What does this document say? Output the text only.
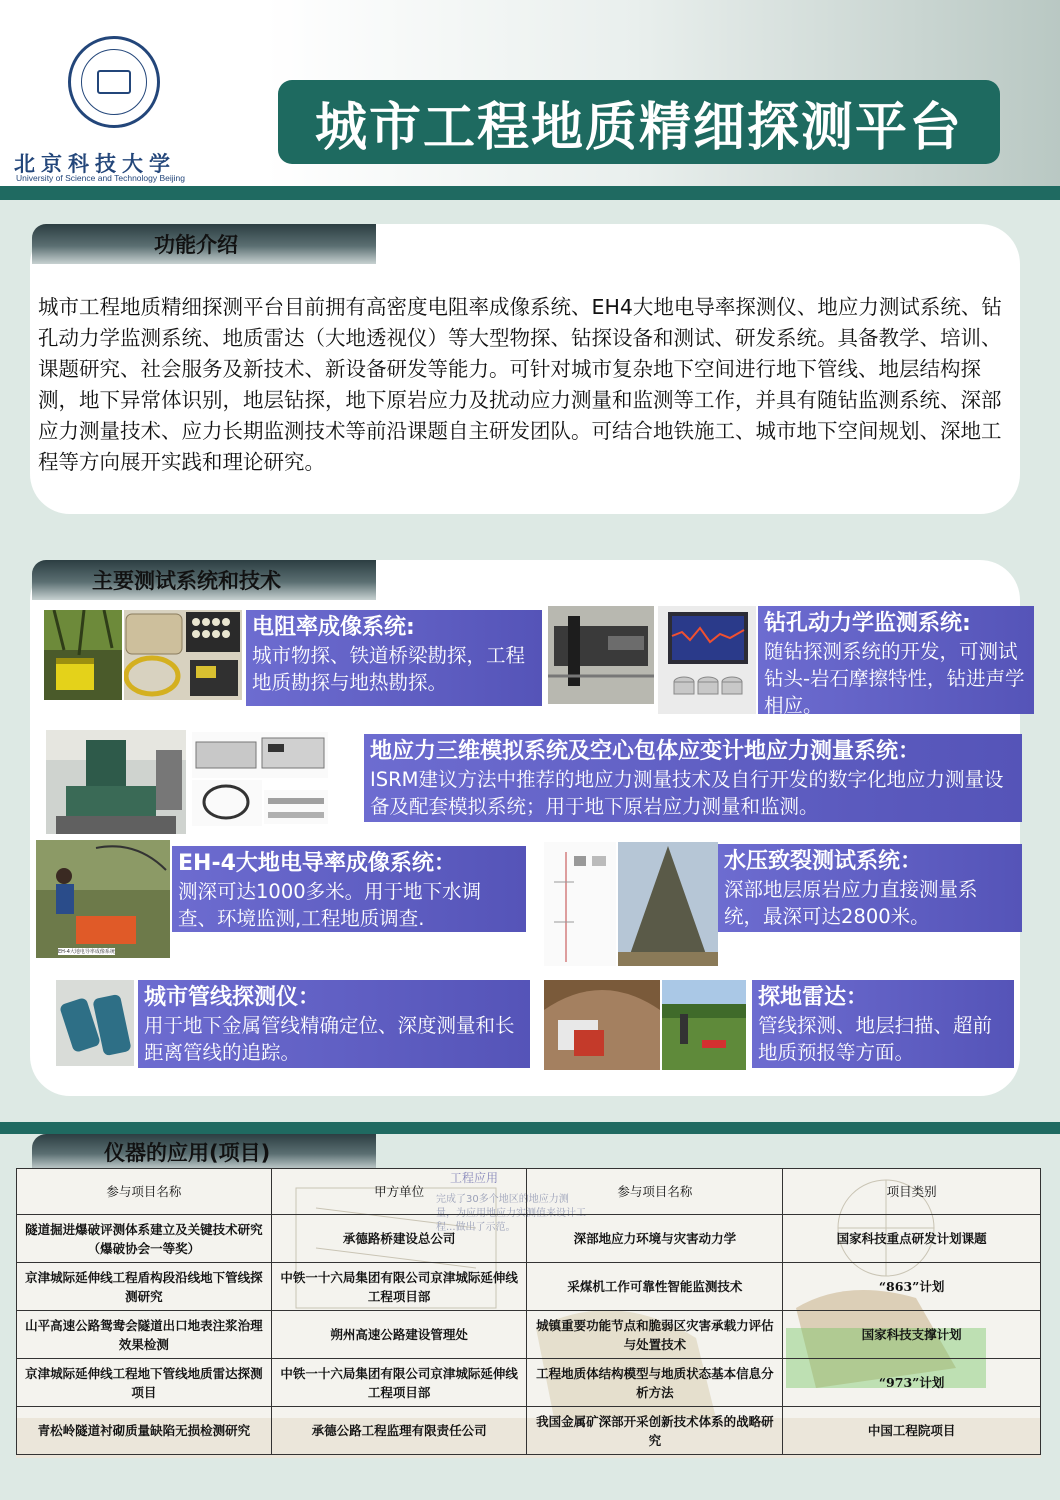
北京科技大学
University of Science and Technology Beijing
城市工程地质精细探测平台
功能介绍
城市工程地质精细探测平台目前拥有高密度电阻率成像系统、EH4大地电导率探测仪、地应力测试系统、钻孔动力学监测系统、地质雷达（大地透视仪）等大型物探、钻探设备和测试、研发系统。具备教学、培训、课题研究、社会服务及新技术、新设备研发等能力。可针对城市复杂地下空间进行地下管线、地层结构探测，地下异常体识别，地层钻探，地下原岩应力及扰动应力测量和监测等工作，并具有随钻监测系统、深部应力测量技术、应力长期监测技术等前沿课题自主研发团队。可结合地铁施工、城市地下空间规划、深地工程等方向展开实践和理论研究。
主要测试系统和技术
电阻率成像系统:
城市物探、铁道桥梁勘探，工程地质勘探与地热勘探。
钻孔动力学监测系统:
随钻探测系统的开发，可测试钻头-岩石摩擦特性，钻进声学相应。
地应力三维模拟系统及空心包体应变计地应力测量系统：
ISRM建议方法中推荐的地应力测量技术及自行开发的数字化地应力测量设备及配套模拟系统；用于地下原岩应力测量和监测。
EH-4大地电导率成像系统
EH-4大地电导率成像系统：
测深可达1000多米。用于地下水调查、环境监测,工程地质调查.
水压致裂测试系统：
深部地层原岩应力直接测量系统，最深可达2800米。
城市管线探测仪：
用于地下金属管线精确定位、深度测量和长距离管线的追踪。
探地雷达：
管线探测、地层扫描、超前地质预报等方面。
仪器的应用(项目)
工程应用
完成了30多个地区的地应力测
量，为应用地应力实测值来设计工
程...做出了示范。
参与项目名称	甲方单位	参与项目名称	项目类别
隧道掘进爆破评测体系建立及关键技术研究（爆破协会一等奖）	承德路桥建设总公司	深部地应力环境与灾害动力学	国家科技重点研发计划课题
京津城际延伸线工程盾构段沿线地下管线探测研究	中铁一十六局集团有限公司京津城际延伸线工程项目部	采煤机工作可靠性智能监测技术	“863”计划
山平高速公路鸳鸯会隧道出口地表注浆治理效果检测	朔州高速公路建设管理处	城镇重要功能节点和脆弱区灾害承载力评估与处置技术	国家科技支撑计划
京津城际延伸线工程地下管线地质雷达探测项目	中铁一十六局集团有限公司京津城际延伸线工程项目部	工程地质体结构模型与地质状态基本信息分析方法	“973”计划
青松岭隧道衬砌质量缺陷无损检测研究	承德公路工程监理有限责任公司	我国金属矿深部开采创新技术体系的战略研究	中国工程院项目
